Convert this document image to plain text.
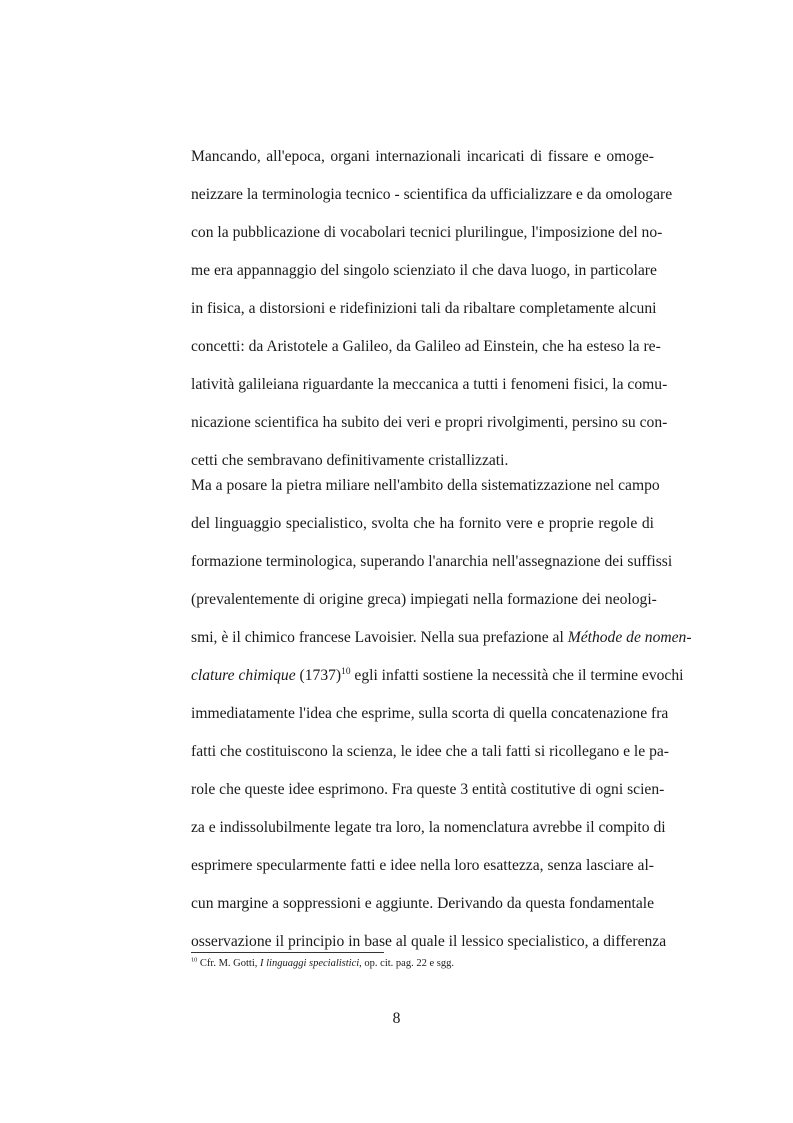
Mancando, all'epoca, organi internazionali incaricati di fissare e omoge-
neizzare la terminologia tecnico - scientifica da ufficializzare e da omologare
con la pubblicazione di vocabolari tecnici plurilingue, l'imposizione del no-
me era appannaggio del singolo scienziato il che dava luogo, in particolare
in fisica, a distorsioni e ridefinizioni tali da ribaltare completamente alcuni
concetti: da Aristotele a Galileo, da Galileo ad Einstein, che ha esteso la re-
latività galileiana riguardante la meccanica a tutti i fenomeni fisici, la comu-
nicazione scientifica ha subito dei veri e propri rivolgimenti, persino su con-
cetti che sembravano definitivamente cristallizzati.
Ma a posare la pietra miliare nell'ambito della sistematizzazione nel campo
del linguaggio specialistico, svolta che ha fornito vere e proprie regole di
formazione terminologica, superando l'anarchia nell'assegnazione dei suffissi
(prevalentemente di origine greca) impiegati nella formazione dei neologi-
smi, è il chimico francese Lavoisier. Nella sua prefazione al Méthode de nomen-
clature chimique $(1737)^{10}$ egli infatti sostiene la necessità che il termine evochi
immediatamente l'idea che esprime, sulla scorta di quella concatenazione fra
fatti che costituiscono la scienza, le idee che a tali fatti si ricollegano e le pa-
role che queste idee esprimono. Fra queste 3 entità costitutive di ogni scien-
za e indissolubilmente legate tra loro, la nomenclatura avrebbe il compito di
esprimere specularmente fatti e idee nella loro esattezza, senza lasciare al-
cun margine a soppressioni e aggiunte. Derivando da questa fondamentale
osservazione il principio in base al quale il lessico specialistico, a differenza
$^{10}$ Cfr. M. Gotti, I linguaggi specialistici, op. cit. pag. 22 e sgg.
8
